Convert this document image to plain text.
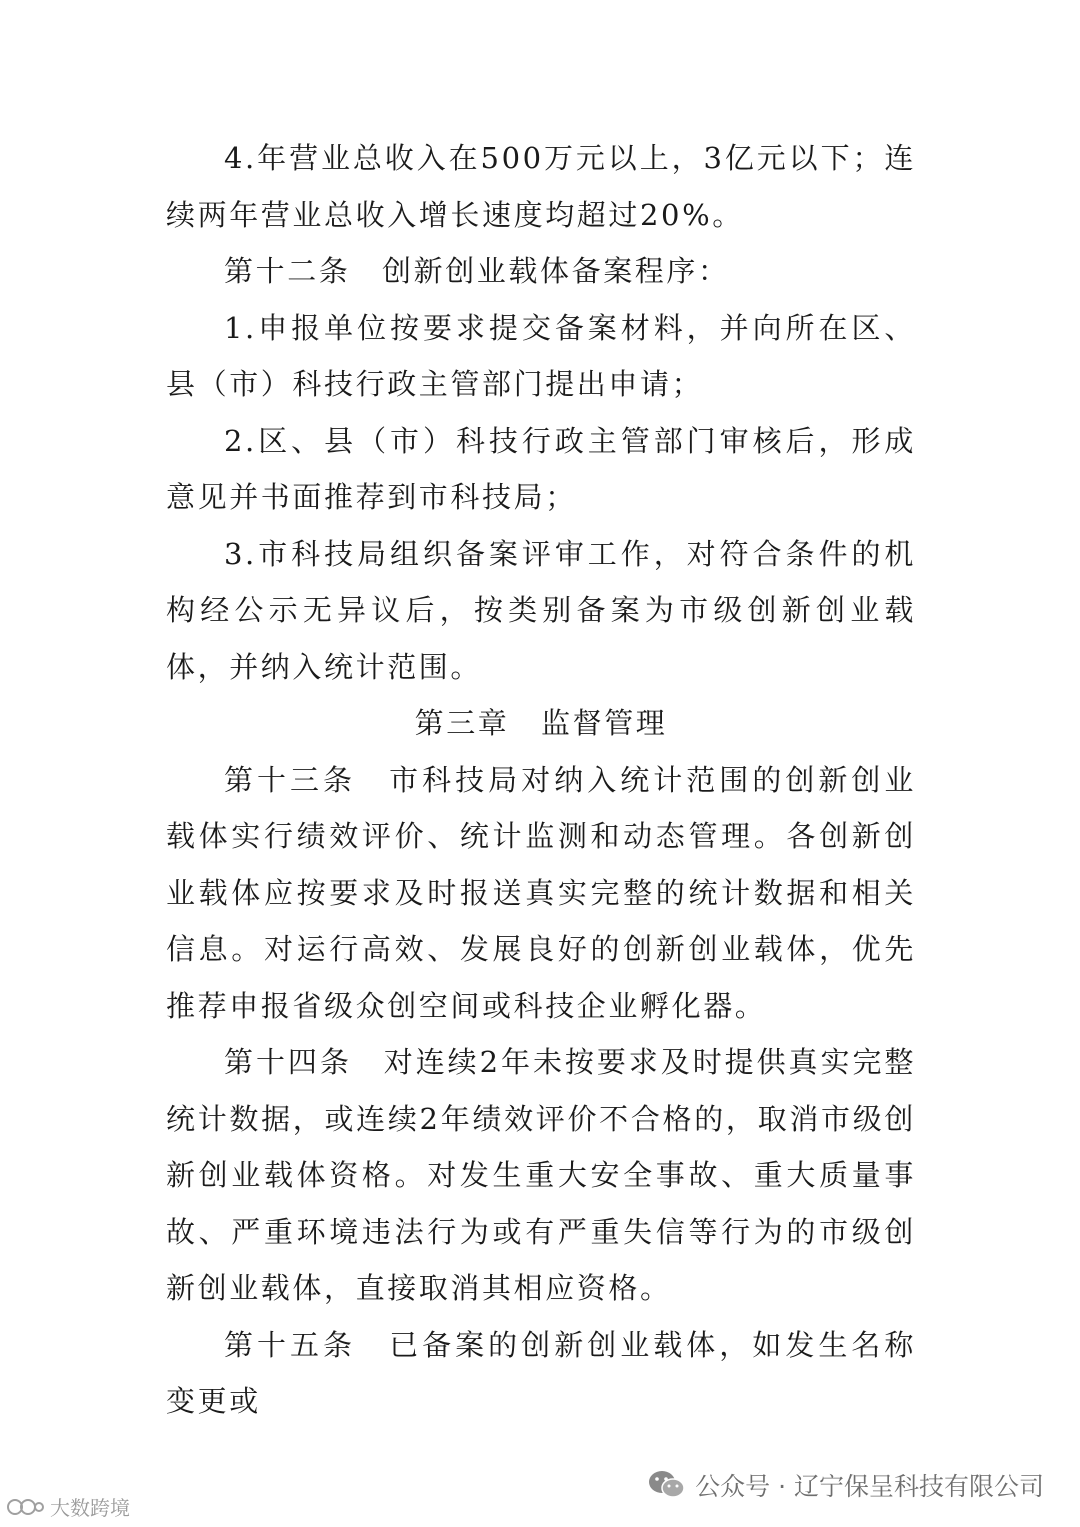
4.年营业总收入在500万元以上，3亿元以下；连续两年营业总收入增长速度均超过20%。

第十二条　创新创业载体备案程序：

1.申报单位按要求提交备案材料，并向所在区、县（市）科技行政主管部门提出申请；

2.区、县（市）科技行政主管部门审核后，形成意见并书面推荐到市科技局；

3.市科技局组织备案评审工作，对符合条件的机构经公示无异议后，按类别备案为市级创新创业载体，并纳入统计范围。

第三章　监督管理

第十三条　市科技局对纳入统计范围的创新创业载体实行绩效评价、统计监测和动态管理。各创新创业载体应按要求及时报送真实完整的统计数据和相关信息。对运行高效、发展良好的创新创业载体，优先推荐申报省级众创空间或科技企业孵化器。

第十四条　对连续2年未按要求及时提供真实完整统计数据，或连续2年绩效评价不合格的，取消市级创新创业载体资格。对发生重大安全事故、重大质量事故、严重环境违法行为或有严重失信等行为的市级创新创业载体，直接取消其相应资格。

第十五条　已备案的创新创业载体，如发生名称变更或

公众号 · 辽宁保呈科技有限公司
大数跨境
